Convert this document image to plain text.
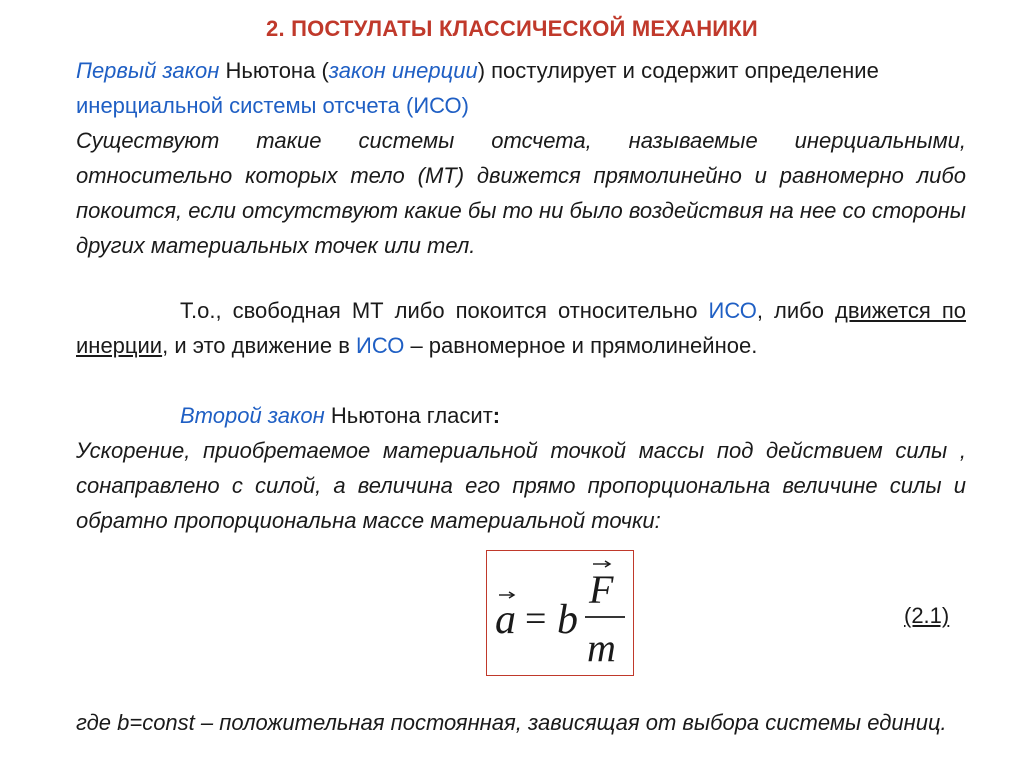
2. ПОСТУЛАТЫ КЛАССИЧЕСКОЙ МЕХАНИКИ
Первый закон Ньютона (закон инерции) постулирует и содержит определение инерциальной системы отсчета (ИСО)
Существуют такие системы отсчета, называемые инерциальными, относительно которых тело (МТ) движется прямолинейно и равномерно либо покоится, если отсутствуют какие бы то ни было воздействия на нее со стороны других материальных точек или тел.
Т.о., свободная МТ либо покоится относительно ИСО, либо движется по инерции, и это движение в ИСО – равномерное и прямолинейное.
Второй закон Ньютона гласит:
Ускорение, приобретаемое материальной точкой массы под действием силы , сонаправлено с силой, а величина его прямо пропорциональна величине силы и обратно пропорциональна массе материальной точки:
a = b
F
m
(2.1)
где b=const – положительная постоянная, зависящая от выбора системы единиц.
